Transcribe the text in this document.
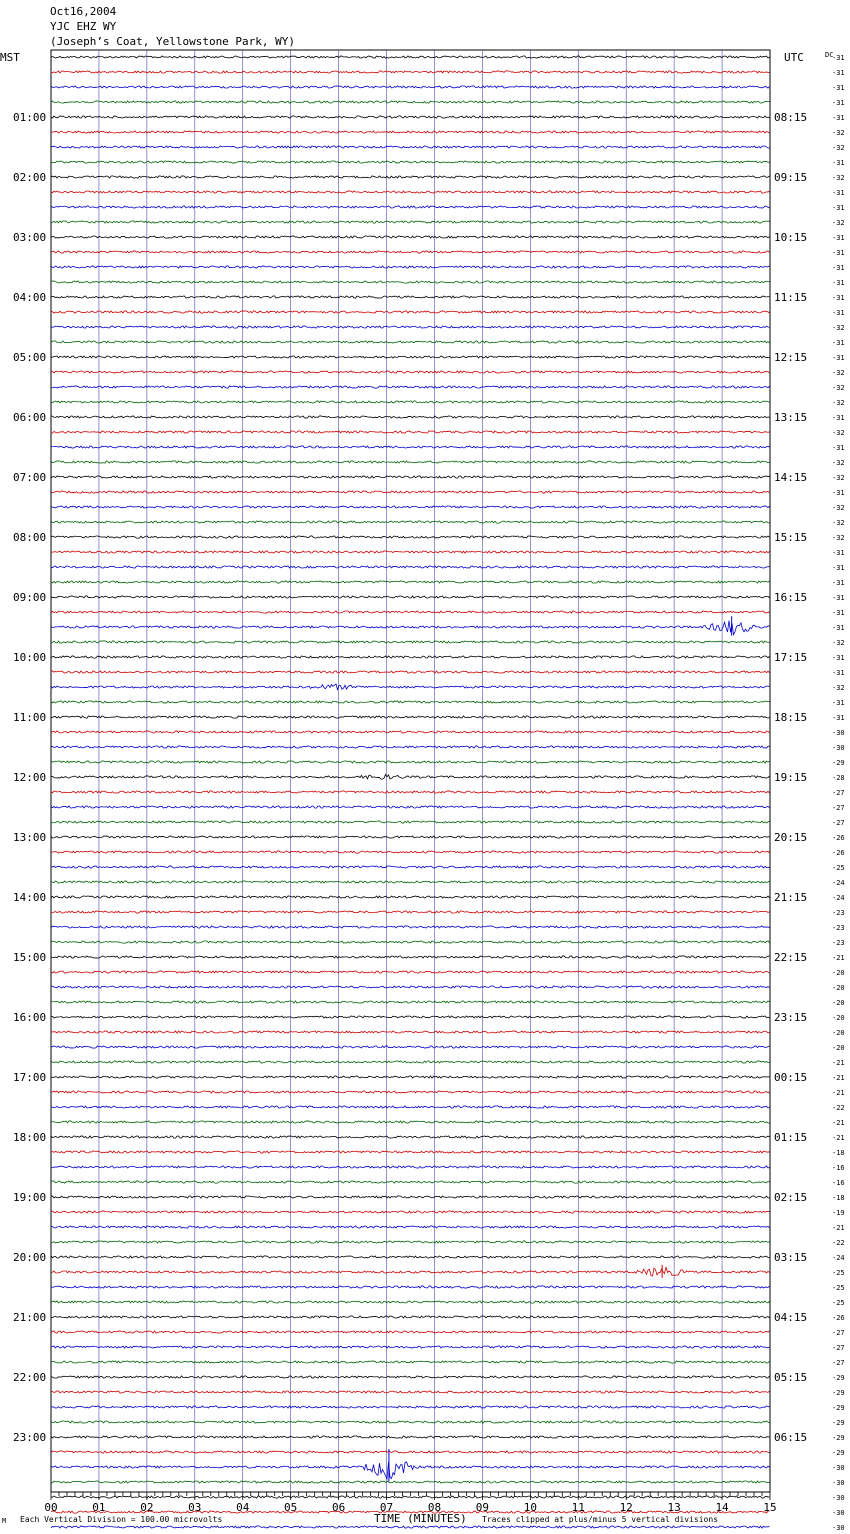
Oct16,2004
YJC EHZ WY
(Joseph’s Coat, Yellowstone Park, WY)
-31
-31
-31
-31
-31
-32
-32
-31
-32
-31
-31
-32
-31
-31
-31
-31
-31
-31
-32
-31
-31
-32
-32
-32
-31
-32
-31
-32
-32
-31
-32
-32
-32
-31
-31
-31
-31
-31
-31
-32
-31
-31
-32
-31
-31
-30
-30
-29
-28
-27
-27
-27
-26
-26
-25
-24
-24
-23
-23
-23
-21
-20
-20
-20
-20
-20
-20
-21
-21
-21
-22
-21
-21
-18
-16
-16
-18
-19
-21
-22
-24
-25
-25
-25
-26
-27
-27
-27
-29
-29
-29
-29
-29
-29
-30
-30
-30
-30
-30
01:00
02:00
03:00
04:00
05:00
06:00
07:00
08:00
09:00
10:00
11:00
12:00
13:00
14:00
15:00
16:00
17:00
18:00
19:00
20:00
21:00
22:00
23:00
08:15
09:15
10:15
11:15
12:15
13:15
14:15
15:15
16:15
17:15
18:15
19:15
20:15
21:15
22:15
23:15
00:15
01:15
02:15
03:15
04:15
05:15
06:15
00	01	02	03	04	05	06	07	08	09	10	11	12	13	14	15
MST	UTC	DC
M Each Vertical Division = 100.00 microvolts	TIME (MINUTES) Traces clipped at plus/minus 5 vertical divisions
